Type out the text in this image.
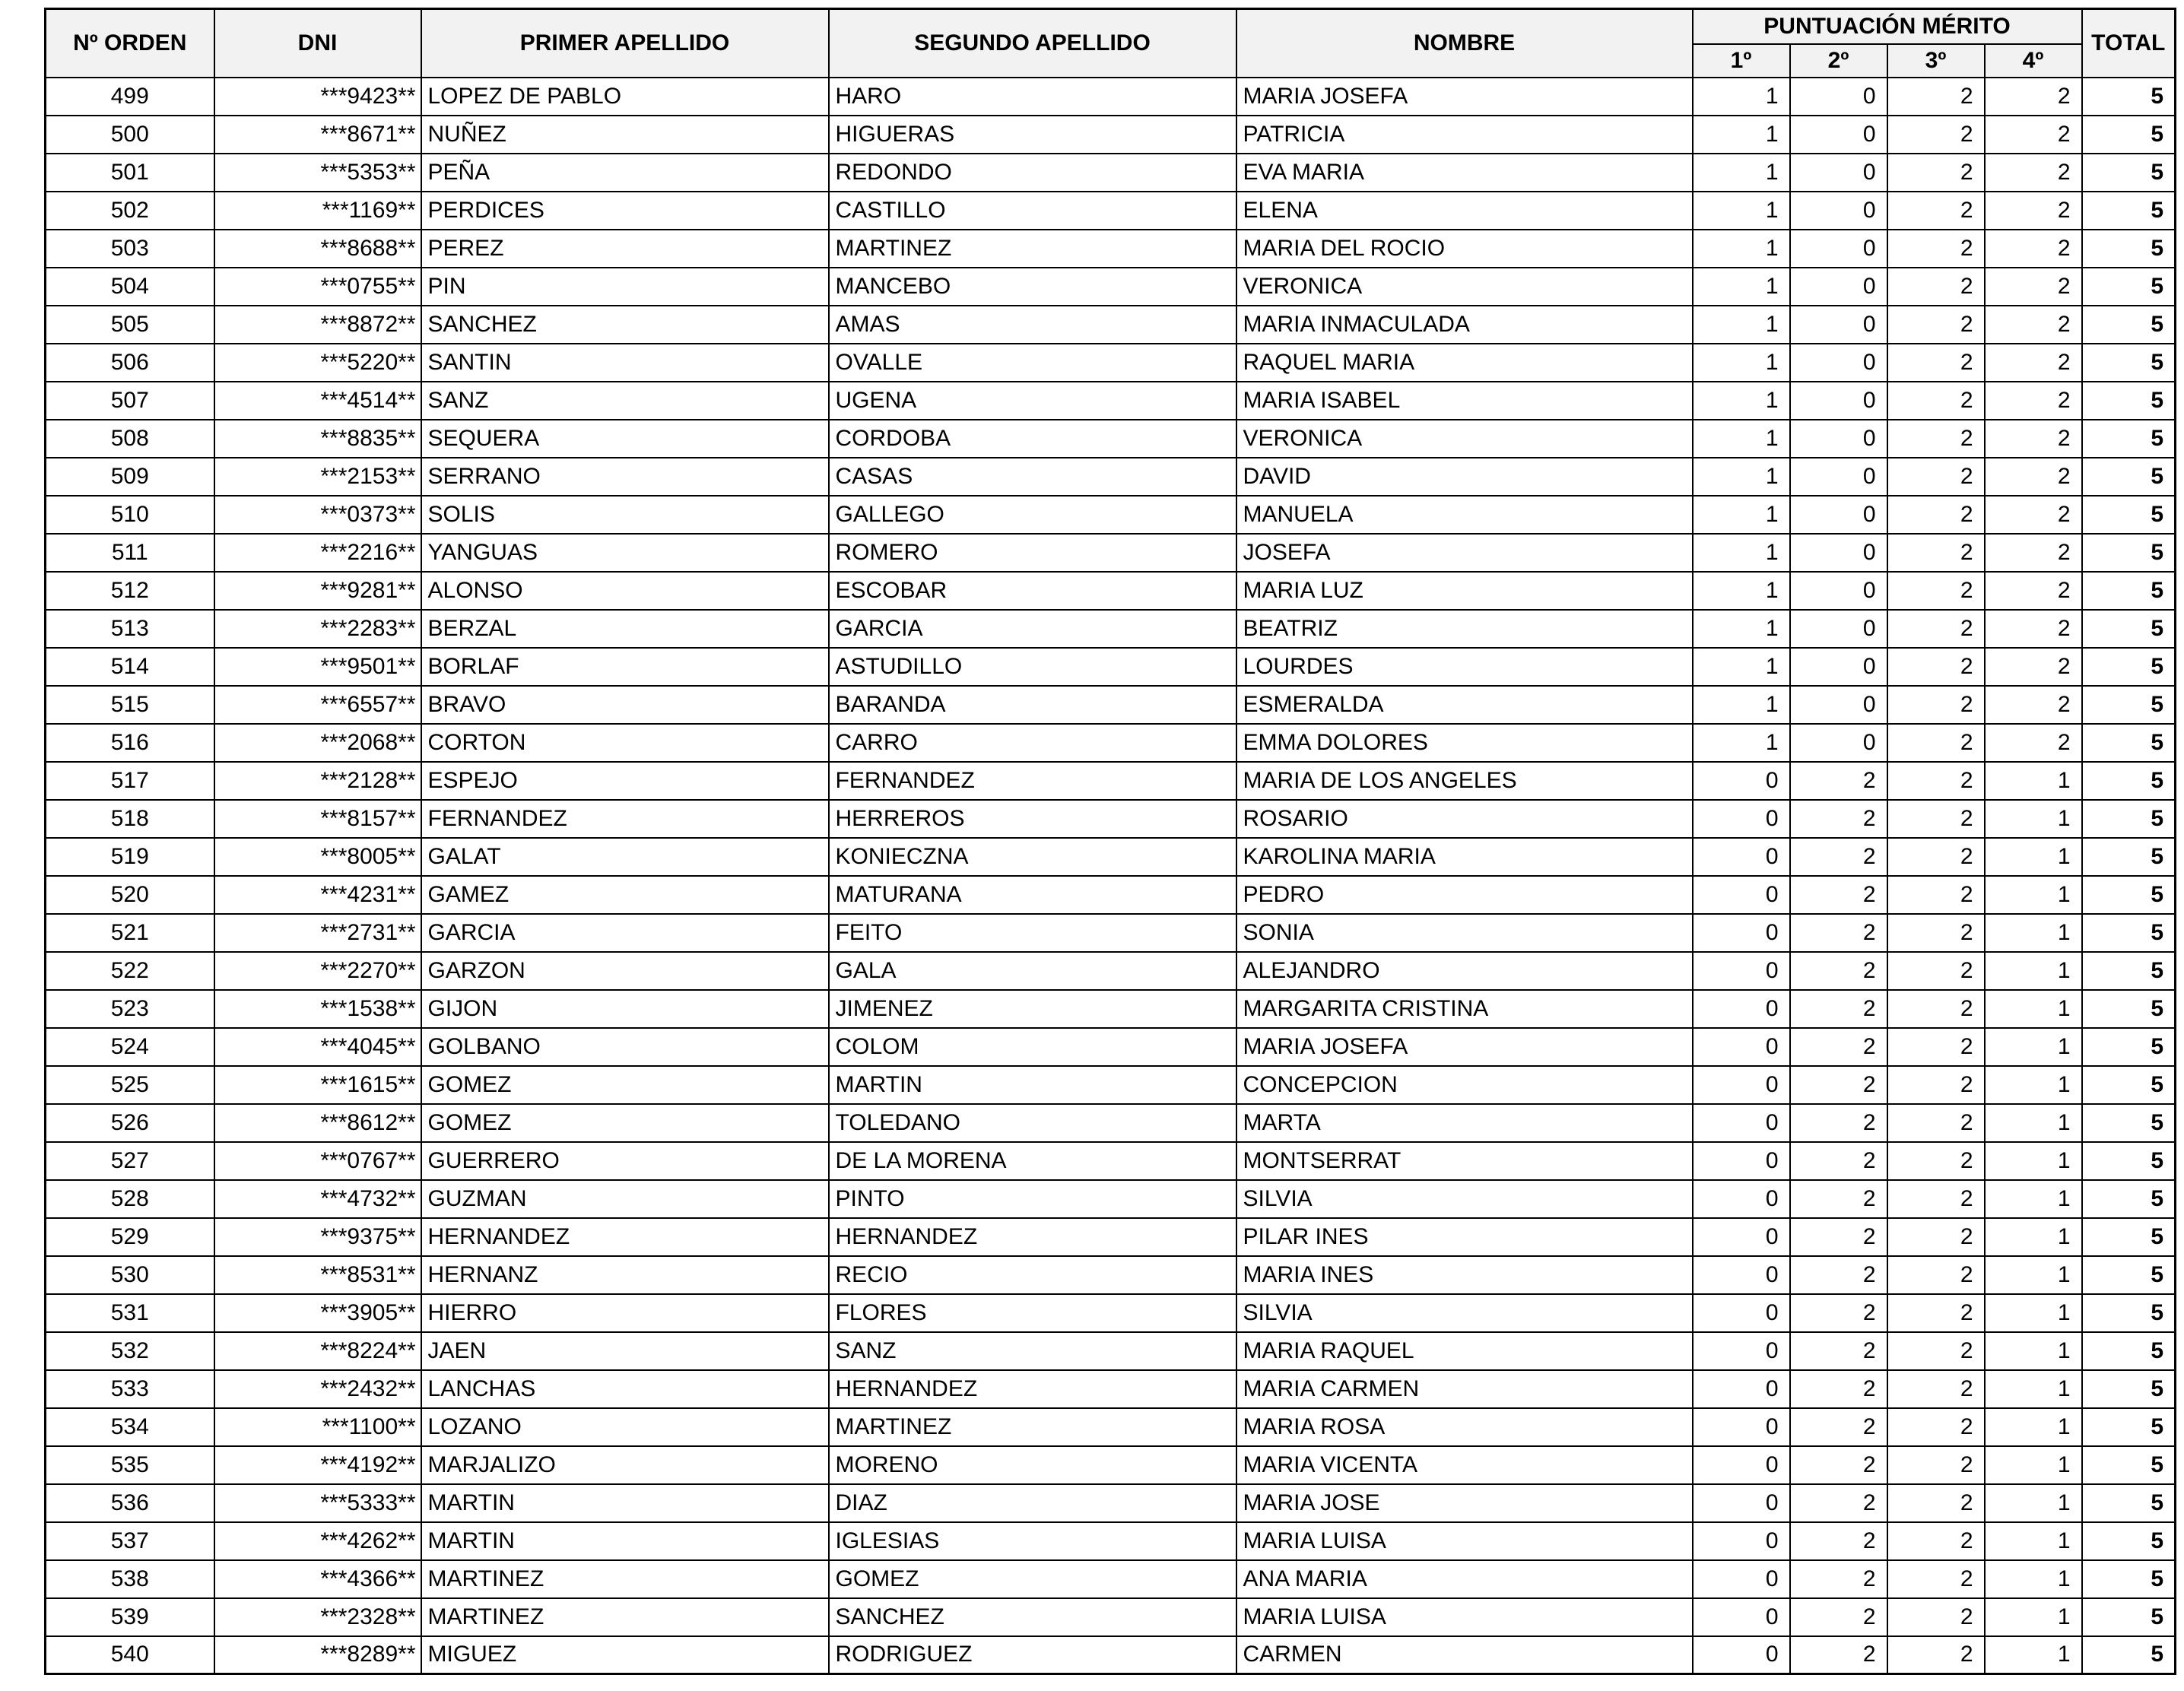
Nº ORDEN	DNI	PRIMER APELLIDO	SEGUNDO APELLIDO	NOMBRE	PUNTUACIÓN MÉRITO				TOTAL
					1º	2º	3º	4º	
499	***9423**	LOPEZ DE PABLO	HARO	MARIA JOSEFA	1	0	2	2	5
500	***8671**	NUÑEZ	HIGUERAS	PATRICIA	1	0	2	2	5
501	***5353**	PEÑA	REDONDO	EVA MARIA	1	0	2	2	5
502	***1169**	PERDICES	CASTILLO	ELENA	1	0	2	2	5
503	***8688**	PEREZ	MARTINEZ	MARIA DEL ROCIO	1	0	2	2	5
504	***0755**	PIN	MANCEBO	VERONICA	1	0	2	2	5
505	***8872**	SANCHEZ	AMAS	MARIA INMACULADA	1	0	2	2	5
506	***5220**	SANTIN	OVALLE	RAQUEL MARIA	1	0	2	2	5
507	***4514**	SANZ	UGENA	MARIA ISABEL	1	0	2	2	5
508	***8835**	SEQUERA	CORDOBA	VERONICA	1	0	2	2	5
509	***2153**	SERRANO	CASAS	DAVID	1	0	2	2	5
510	***0373**	SOLIS	GALLEGO	MANUELA	1	0	2	2	5
511	***2216**	YANGUAS	ROMERO	JOSEFA	1	0	2	2	5
512	***9281**	ALONSO	ESCOBAR	MARIA LUZ	1	0	2	2	5
513	***2283**	BERZAL	GARCIA	BEATRIZ	1	0	2	2	5
514	***9501**	BORLAF	ASTUDILLO	LOURDES	1	0	2	2	5
515	***6557**	BRAVO	BARANDA	ESMERALDA	1	0	2	2	5
516	***2068**	CORTON	CARRO	EMMA DOLORES	1	0	2	2	5
517	***2128**	ESPEJO	FERNANDEZ	MARIA DE LOS ANGELES	0	2	2	1	5
518	***8157**	FERNANDEZ	HERREROS	ROSARIO	0	2	2	1	5
519	***8005**	GALAT	KONIECZNA	KAROLINA MARIA	0	2	2	1	5
520	***4231**	GAMEZ	MATURANA	PEDRO	0	2	2	1	5
521	***2731**	GARCIA	FEITO	SONIA	0	2	2	1	5
522	***2270**	GARZON	GALA	ALEJANDRO	0	2	2	1	5
523	***1538**	GIJON	JIMENEZ	MARGARITA CRISTINA	0	2	2	1	5
524	***4045**	GOLBANO	COLOM	MARIA JOSEFA	0	2	2	1	5
525	***1615**	GOMEZ	MARTIN	CONCEPCION	0	2	2	1	5
526	***8612**	GOMEZ	TOLEDANO	MARTA	0	2	2	1	5
527	***0767**	GUERRERO	DE LA MORENA	MONTSERRAT	0	2	2	1	5
528	***4732**	GUZMAN	PINTO	SILVIA	0	2	2	1	5
529	***9375**	HERNANDEZ	HERNANDEZ	PILAR INES	0	2	2	1	5
530	***8531**	HERNANZ	RECIO	MARIA INES	0	2	2	1	5
531	***3905**	HIERRO	FLORES	SILVIA	0	2	2	1	5
532	***8224**	JAEN	SANZ	MARIA RAQUEL	0	2	2	1	5
533	***2432**	LANCHAS	HERNANDEZ	MARIA CARMEN	0	2	2	1	5
534	***1100**	LOZANO	MARTINEZ	MARIA ROSA	0	2	2	1	5
535	***4192**	MARJALIZO	MORENO	MARIA VICENTA	0	2	2	1	5
536	***5333**	MARTIN	DIAZ	MARIA JOSE	0	2	2	1	5
537	***4262**	MARTIN	IGLESIAS	MARIA LUISA	0	2	2	1	5
538	***4366**	MARTINEZ	GOMEZ	ANA MARIA	0	2	2	1	5
539	***2328**	MARTINEZ	SANCHEZ	MARIA LUISA	0	2	2	1	5
540	***8289**	MIGUEZ	RODRIGUEZ	CARMEN	0	2	2	1	5
